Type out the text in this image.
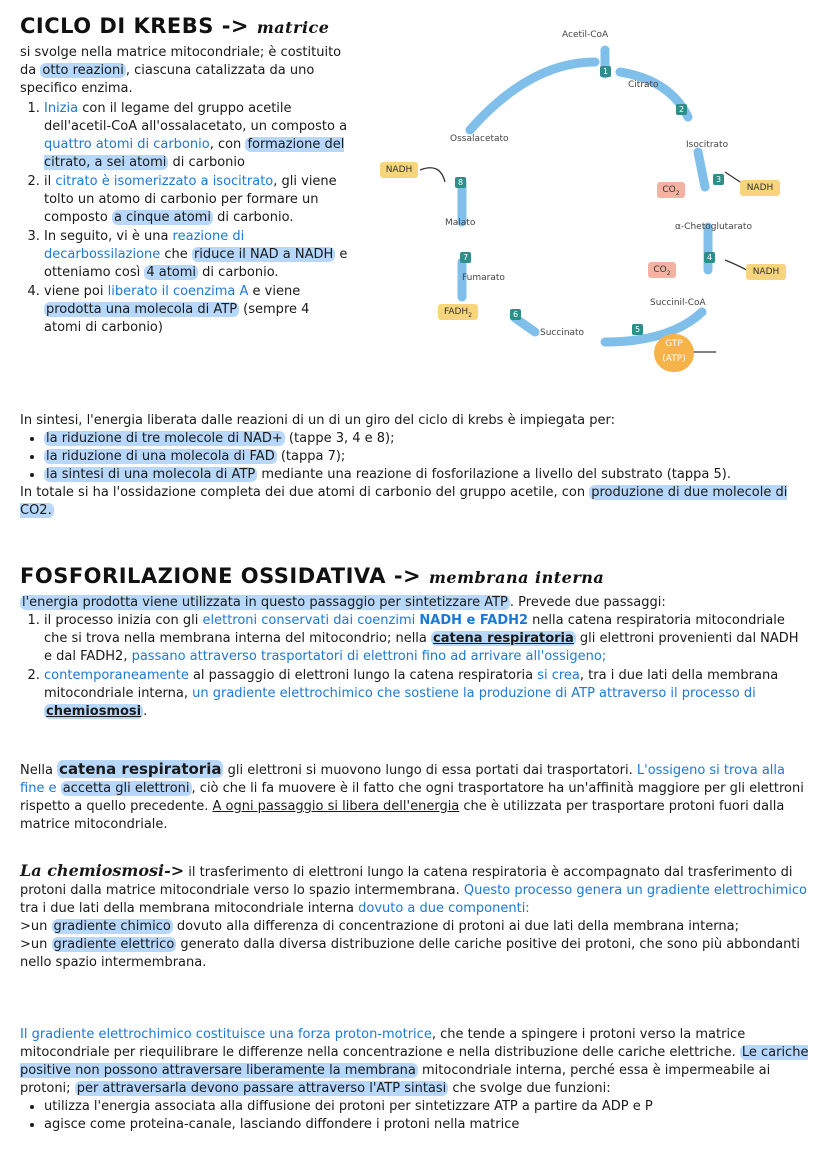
CICLO DI KREBS -> matrice
si svolge nella matrice mitocondriale; è costituito da otto reazioni , ciascuna catalizzata da uno specifico enzima.
1. Inizia con il legame del gruppo acetile dell'acetil-CoA all'ossalacetato, un composto a quattro atomi di carbonio, con formazione del citrato, a sei atomi di carbonio
2. il citrato è isomerizzato a isocitrato, gli viene tolto un atomo di carbonio per formare un composto a cinque atomi di carbonio.
3. In seguito, vi è una reazione di decarbossilazione che riduce il NAD a NADH e otteniamo così 4 atomi di carbonio.
4. viene poi liberato il coenzima A e viene prodotta una molecola di ATP (sempre 4 atomi di carbonio)
Acetil-CoA
Citrato
Isocitrato
α-Chetoglutarato
Succinil-CoA
Succinato
Fumarato
Malato
Ossalacetato
1
2
3
4
5
6
7
8
NADH
$CO_2$
NADH
$CO_2$	NADH
$FADH_2$
GTP
(ATP)
In sintesi, l'energia liberata dalle reazioni di un di un giro del ciclo di krebs è impiegata per:
• la riduzione di tre molecole di NAD+ (tappe 3, 4 e 8);
• la riduzione di una molecola di FAD (tappa 7);
• la sintesi di una molecola di ATP mediante una reazione di fosforilazione a livello del substrato (tappa 5).
In totale si ha l'ossidazione completa dei due atomi di carbonio del gruppo acetile, con produzione di due molecole di CO2.
FOSFORILAZIONE OSSIDATIVA -> membrana interna
l'energia prodotta viene utilizzata in questo passaggio per sintetizzare ATP . Prevede due passaggi:
1. il processo inizia con gli elettroni conservati dai coenzimi NADH e FADH2 nella catena respiratoria mitocondriale che si trova nella membrana interna del mitocondrio; nella catena respiratoria gli elettroni provenienti dal NADH e dal FADH2, passano attraverso trasportatori di elettroni fino ad arrivare all'ossigeno;
2. contemporaneamente al passaggio di elettroni lungo la catena respiratoria si crea, tra i due lati della membrana mitocondriale interna, un gradiente elettrochimico che sostiene la produzione di ATP attraverso il processo di chemiosmosi .
Nella catena respiratoria gli elettroni si muovono lungo di essa portati dai trasportatori. L'ossigeno si trova alla fine e accetta gli elettroni , ciò che li fa muovere è il fatto che ogni trasportatore ha un'affinità maggiore per gli elettroni rispetto a quello precedente. A ogni passaggio si libera dell'energia che è utilizzata per trasportare protoni fuori dalla matrice mitocondriale.
La chemiosmosi-> il trasferimento di elettroni lungo la catena respiratoria è accompagnato dal trasferimento di protoni dalla matrice mitocondriale verso lo spazio intermembrana. Questo processo genera un gradiente elettrochimico tra i due lati della membrana mitocondriale interna dovuto a due componenti:
>un gradiente chimico dovuto alla differenza di concentrazione di protoni ai due lati della membrana interna;
>un gradiente elettrico generato dalla diversa distribuzione delle cariche positive dei protoni, che sono più abbondanti nello spazio intermembrana.
Il gradiente elettrochimico costituisce una forza proton-motrice, che tende a spingere i protoni verso la matrice mitocondriale per riequilibrare le differenze nella concentrazione e nella distribuzione delle cariche elettriche. Le cariche positive non possono attraversare liberamente la membrana mitocondriale interna, perché essa è impermeabile ai protoni; per attraversarla devono passare attraverso l'ATP sintasi che svolge due funzioni:
• utilizza l'energia associata alla diffusione dei protoni per sintetizzare ATP a partire da ADP e P
• agisce come proteina-canale, lasciando diffondere i protoni nella matrice
